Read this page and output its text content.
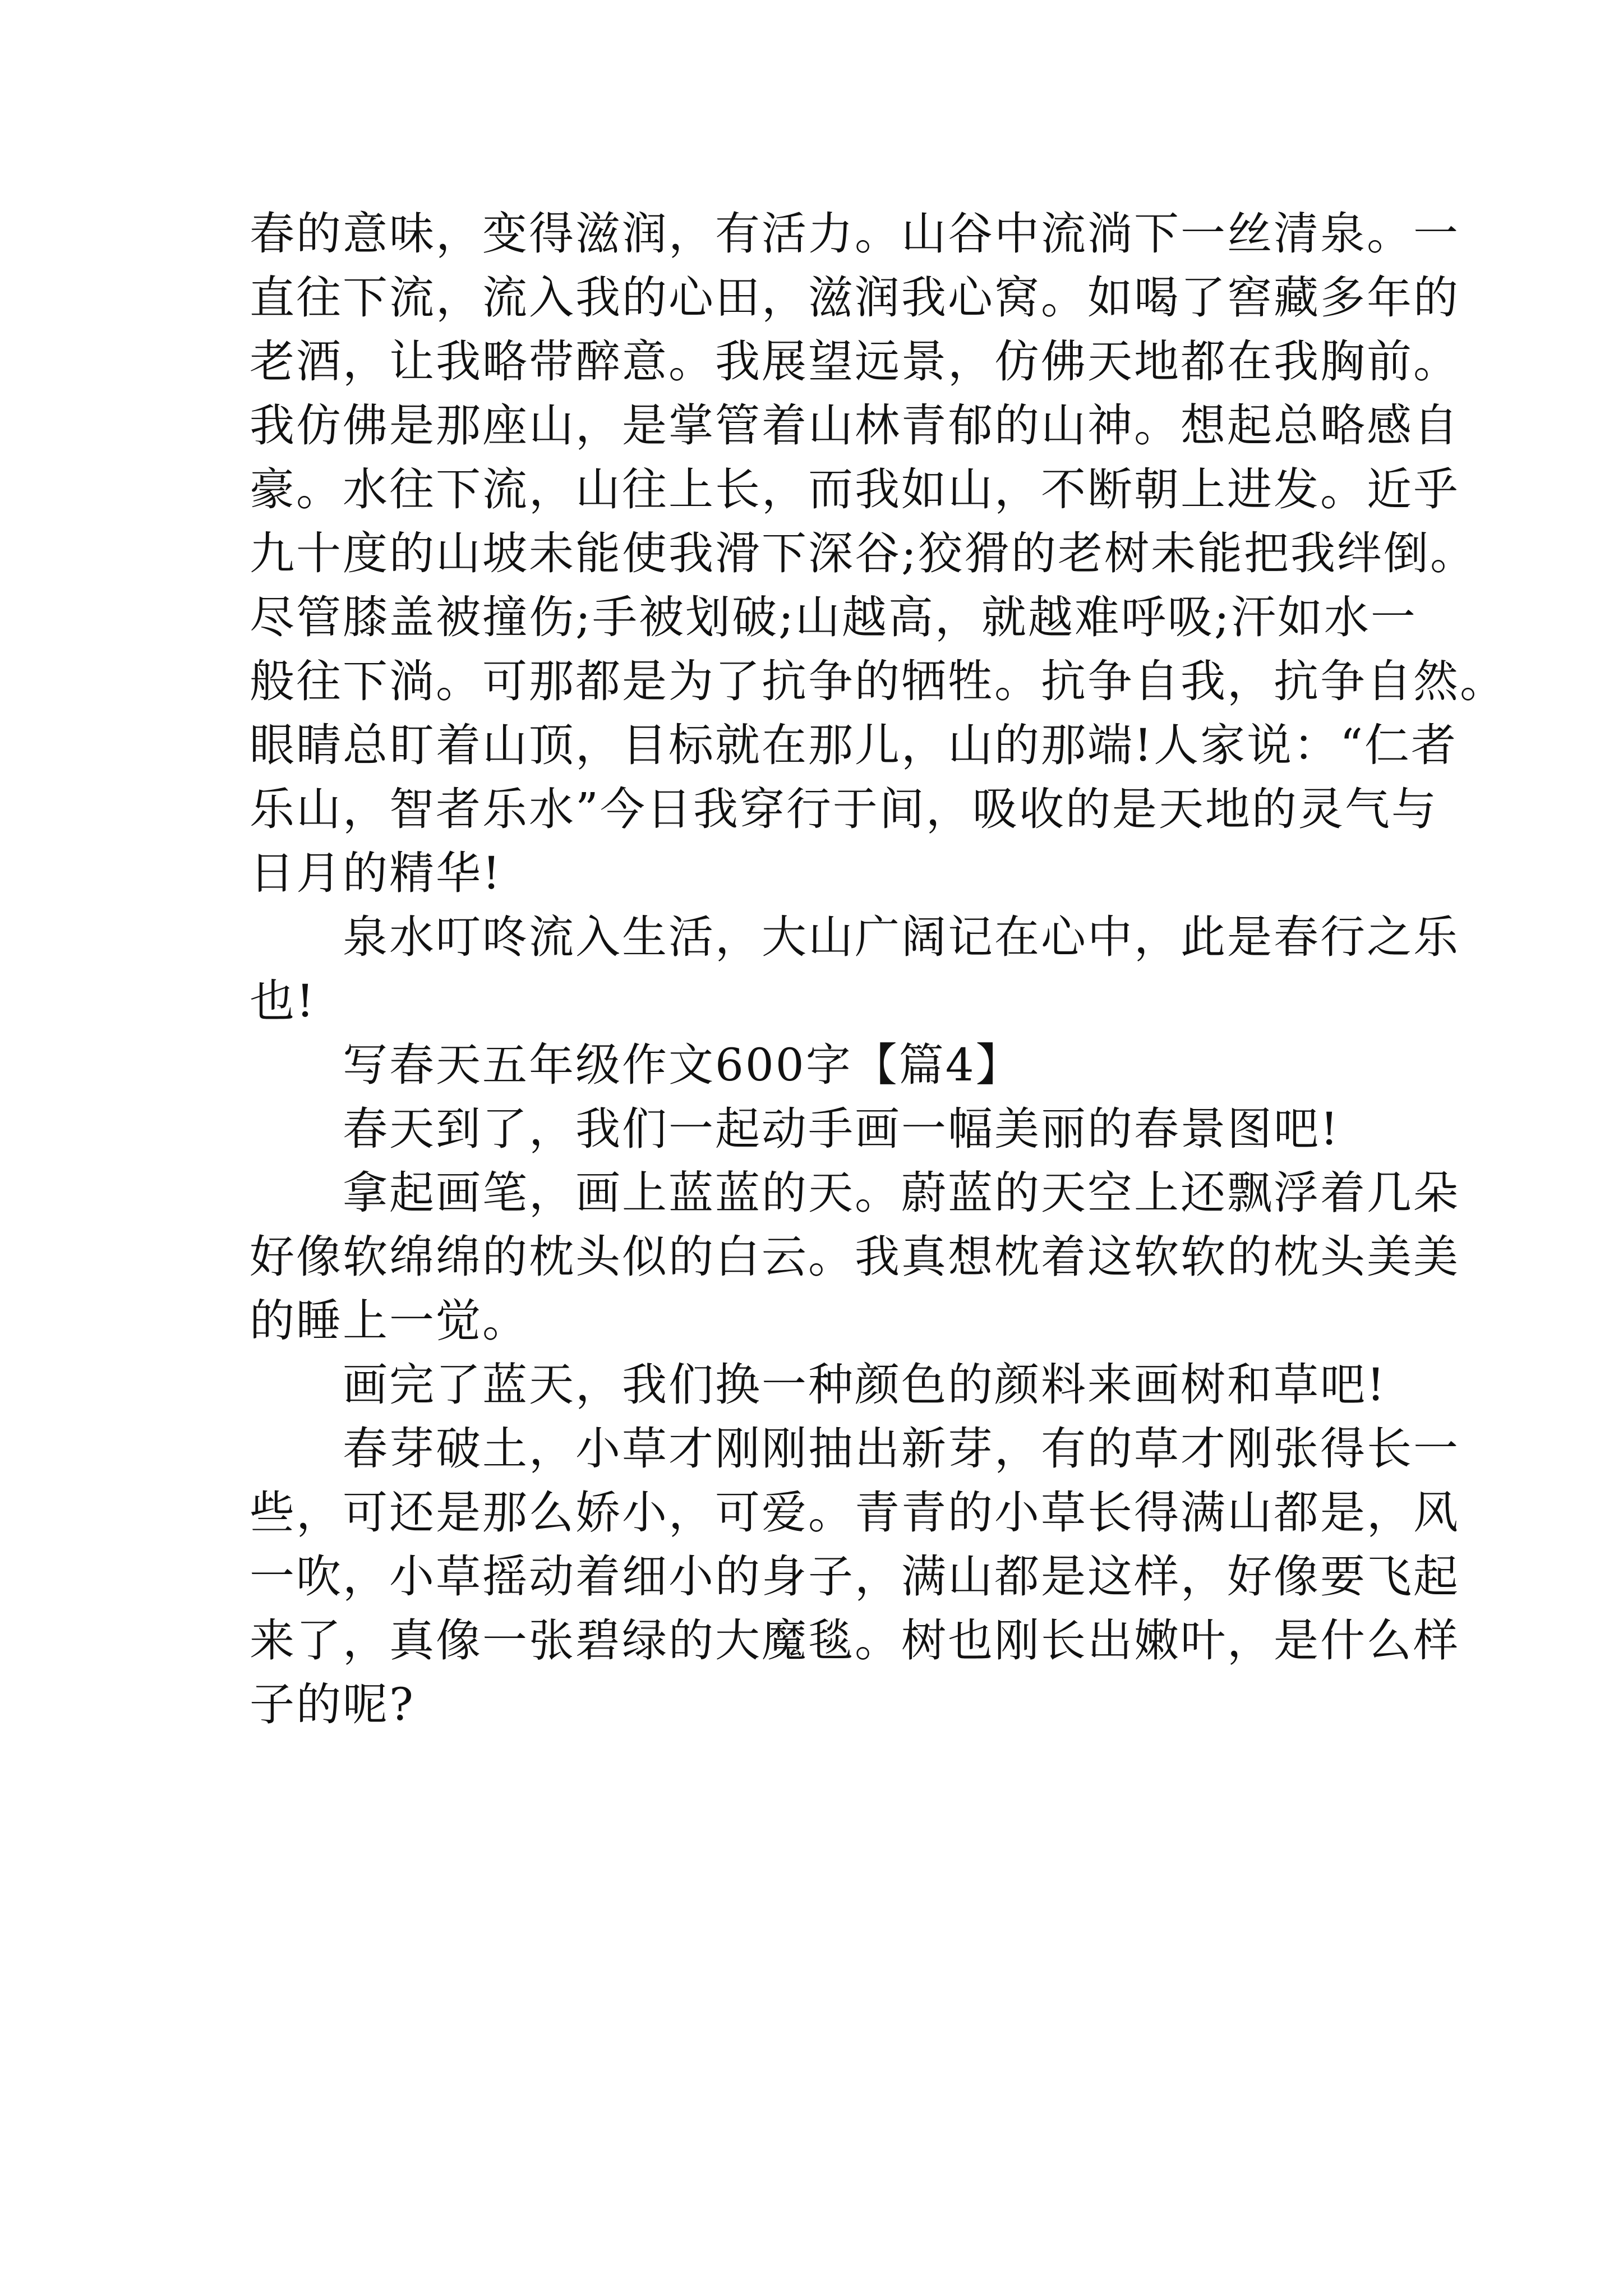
春的意味，变得滋润，有活力。山谷中流淌下一丝清泉。一
直往下流，流入我的心田，滋润我心窝。如喝了窖藏多年的
老酒，让我略带醉意。我展望远景，仿佛天地都在我胸前。
我仿佛是那座山，是掌管着山林青郁的山神。想起总略感自
豪。水往下流，山往上长，而我如山，不断朝上进发。近乎
九十度的山坡未能使我滑下深谷;狡猾的老树未能把我绊倒。
尽管膝盖被撞伤;手被划破;山越高，就越难呼吸;汗如水一
般往下淌。可那都是为了抗争的牺牲。抗争自我，抗争自然。
眼睛总盯着山顶，目标就在那儿，山的那端!人家说：“仁者
乐山，智者乐水”今日我穿行于间，吸收的是天地的灵气与
日月的精华!
　　泉水叮咚流入生活，大山广阔记在心中，此是春行之乐
也!
　　写春天五年级作文600字【篇4】
　　春天到了，我们一起动手画一幅美丽的春景图吧!
　　拿起画笔，画上蓝蓝的天。蔚蓝的天空上还飘浮着几朵
好像软绵绵的枕头似的白云。我真想枕着这软软的枕头美美
的睡上一觉。
　　画完了蓝天，我们换一种颜色的颜料来画树和草吧!
　　春芽破土，小草才刚刚抽出新芽，有的草才刚张得长一
些，可还是那么娇小，可爱。青青的小草长得满山都是，风
一吹，小草摇动着细小的身子，满山都是这样，好像要飞起
来了，真像一张碧绿的大魔毯。树也刚长出嫩叶，是什么样
子的呢?
